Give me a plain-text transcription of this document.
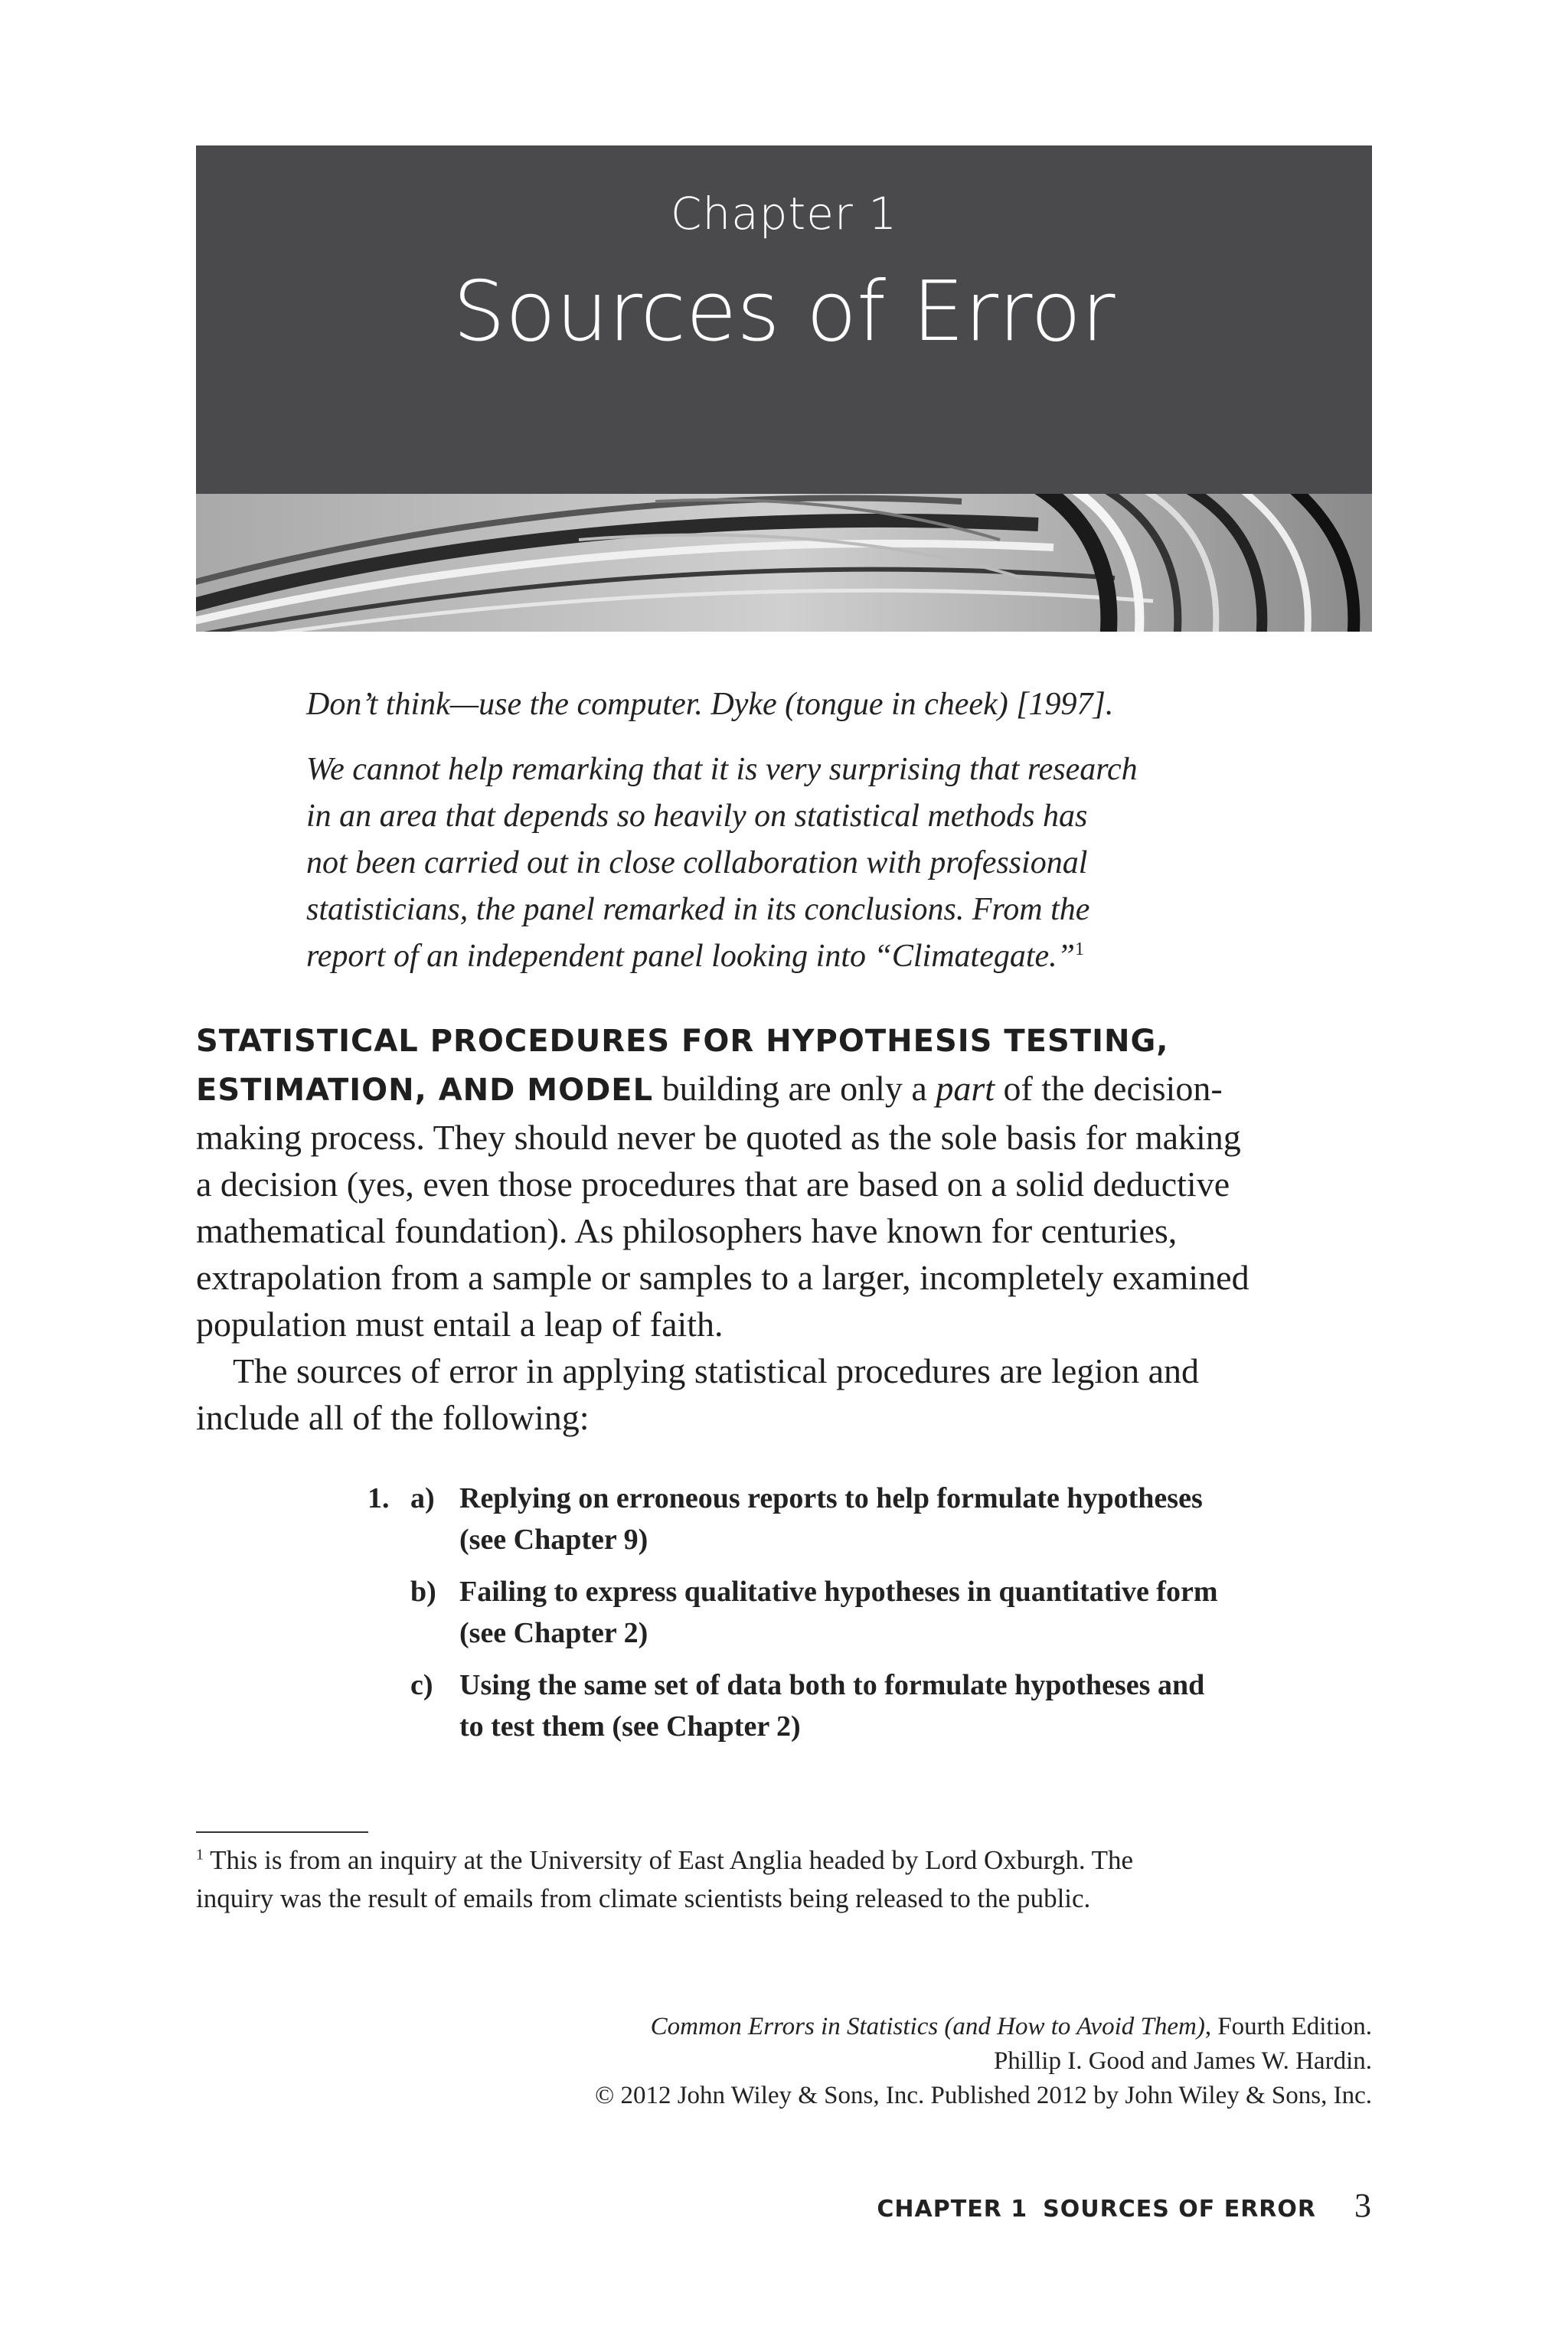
Chapter 1
Sources of Error

Don’t think—use the computer. Dyke (tongue in cheek) [1997].

We cannot help remarking that it is very surprising that research
in an area that depends so heavily on statistical methods has
not been carried out in close collaboration with professional
statisticians, the panel remarked in its conclusions. From the
report of an independent panel looking into “Climategate.”$^1$

STATISTICAL PROCEDURES FOR HYPOTHESIS TESTING,
ESTIMATION, AND MODEL building are only a part of the decision-
making process. They should never be quoted as the sole basis for making
a decision (yes, even those procedures that are based on a solid deductive
mathematical foundation). As philosophers have known for centuries,
extrapolation from a sample or samples to a larger, incompletely examined
population must entail a leap of faith.
The sources of error in applying statistical procedures are legion and
include all of the following:
1. a) Replying on erroneous reports to help formulate hypotheses
(see Chapter 9)
b) Failing to express qualitative hypotheses in quantitative form
(see Chapter 2)
c) Using the same set of data both to formulate hypotheses and
to test them (see Chapter 2)
$^1$ This is from an inquiry at the University of East Anglia headed by Lord Oxburgh. The
inquiry was the result of emails from climate scientists being released to the public.
Common Errors in Statistics (and How to Avoid Them), Fourth Edition.
Phillip I. Good and James W. Hardin.
© 2012 John Wiley & Sons, Inc. Published 2012 by John Wiley & Sons, Inc.
CHAPTER 1 SOURCES OF ERROR 3
